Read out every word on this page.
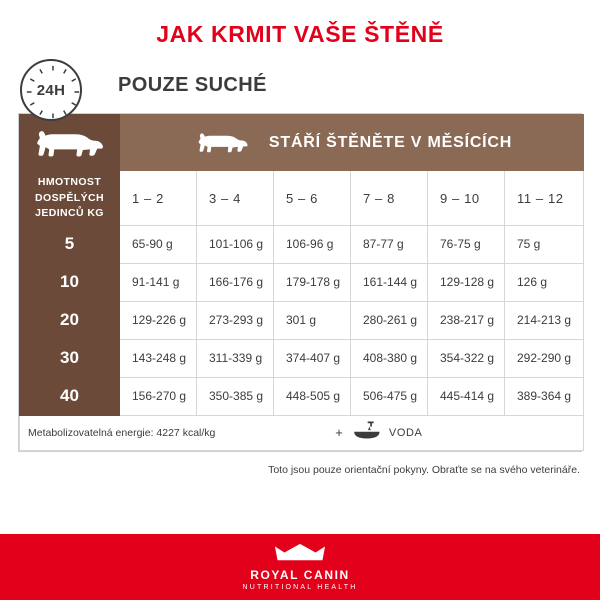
JAK KRMIT VAŠE ŠTĚNĚ
24H	POUZE SUCHÉ

STÁŘÍ ŠTĚNĚTE V MĚSÍCÍCH					

HMOTNOST DOSPĚLÝCH JEDINCŮ KG	1 – 2	3 – 4	5 – 6	7 – 8	9 – 10	11 – 12
5	65-90 g	101-106 g	106-96 g	87-77 g	76-75 g	75 g
10	91-141 g	166-176 g	179-178 g	161-144 g	129-128 g	126 g
20	129-226 g	273-293 g	301 g	280-261 g	238-217 g	214-213 g
30	143-248 g	311-339 g	374-407 g	408-380 g	354-322 g	292-290 g
40	156-270 g	350-385 g	448-505 g	506-475 g	445-414 g	389-364 g

Metabolizovatelná energie: 4227 kcal/kg + VODA						
Toto jsou pouze orientační pokyny. Obraťte se na svého veterináře.
ROYAL CANIN
NUTRITIONAL HEALTH
